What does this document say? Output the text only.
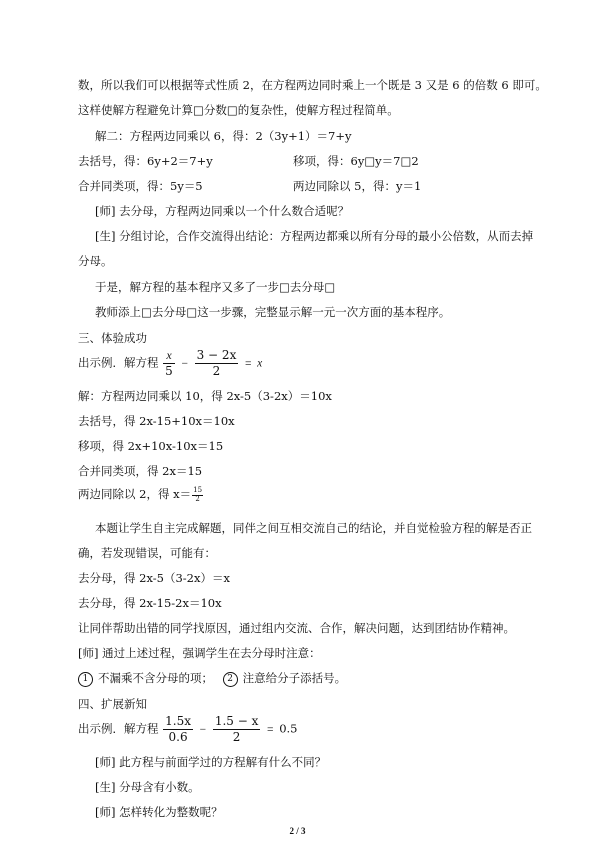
数，所以我们可以根据等式性质 2，在方程两边同时乘上一个既是 3 又是 6 的倍数 6 即可。
这样使解方程避免计算□分数□的复杂性，使解方程过程简单。
解二：方程两边同乘以 6，得：2（3y+1）＝7+y
去括号，得：6y+2＝7+y	移项，得：6y□y＝7□2
合并同类项，得：5y＝5	两边同除以 5，得：y＝1
[师] 去分母，方程两边同乘以一个什么数合适呢？
[生] 分组讨论，合作交流得出结论：方程两边都乘以所有分母的最小公倍数，从而去掉
分母。
于是，解方程的基本程序又多了一步□去分母□
教师添上□去分母□这一步骤，完整显示解一元一次方面的基本程序。
三、体验成功
出示例．解方程 $\frac{x}{5} - \frac{3 - 2x}{2} = x$
解：方程两边同乘以 10，得 2x-5（3-2x）＝10x
去括号，得 2x-15+10x＝10x
移项，得 2x+10x-10x＝15
合并同类项，得 2x＝15
两边同除以 2，得 $x= \frac{15}{2}$
本题让学生自主完成解题，同伴之间互相交流自己的结论，并自觉检验方程的解是否正
确，若发现错误，可能有：
去分母，得 2x-5（3-2x）＝x
去分母，得 2x-15-2x＝10x
让同伴帮助出错的同学找原因，通过组内交流、合作，解决问题，达到团结协作精神。
[师] 通过上述过程，强调学生在去分母时注意：
1 不漏乘不含分母的项； 2 注意给分子添括号。
四、扩展新知
出示例．解方程 $\frac{1.5x}{0.6} - \frac{1.5 - x}{2} = 0.5$
[师] 此方程与前面学过的方程解有什么不同？
[生] 分母含有小数。
[师] 怎样转化为整数呢？
2 / 3
